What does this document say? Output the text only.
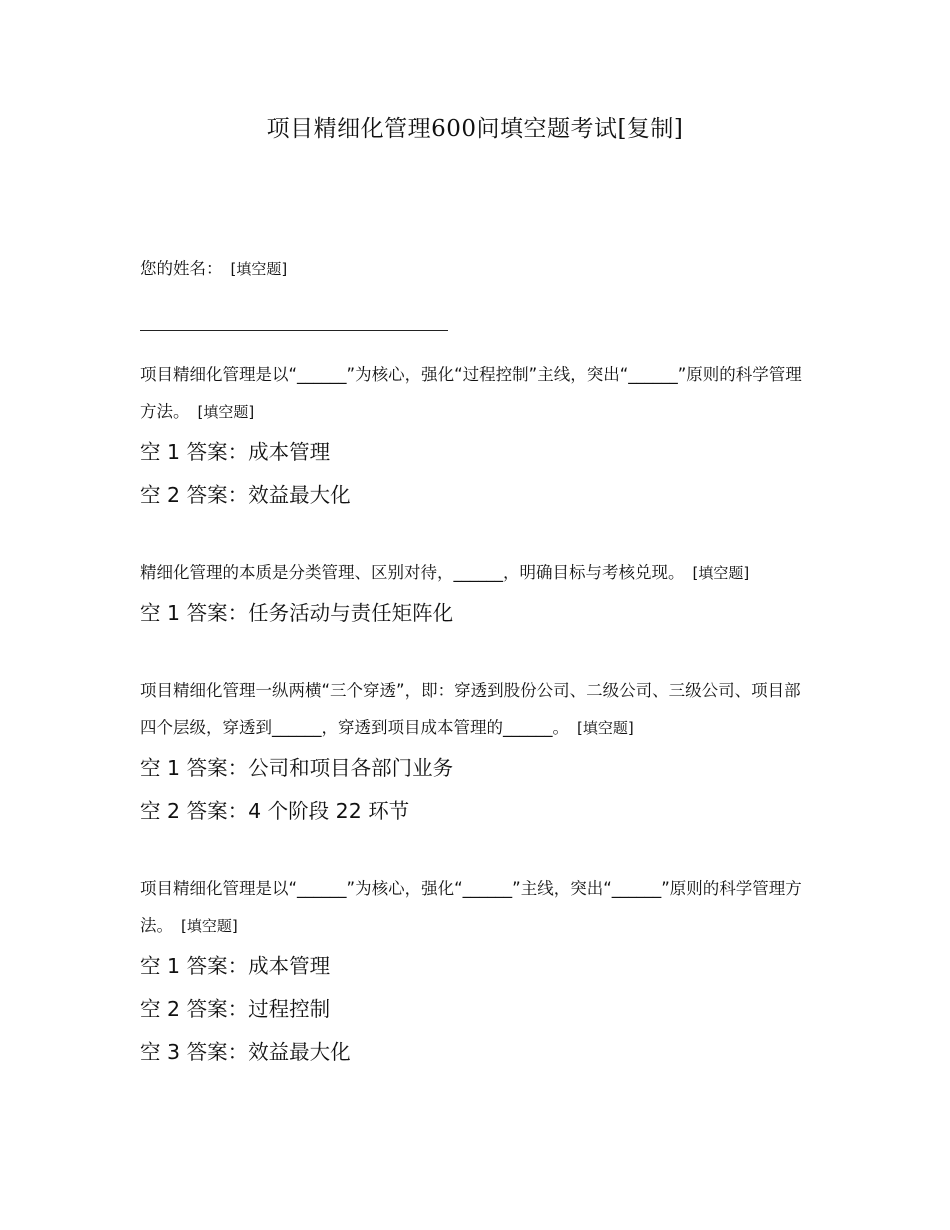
项目精细化管理600问填空题考试[复制]

您的姓名： [填空题]

项目精细化管理是以“______”为核心，强化“过程控制”主线，突出“______”原则的科学管理方法。 [填空题]

空 1 答案：成本管理

空 2 答案：效益最大化

精细化管理的本质是分类管理、区别对待，______，明确目标与考核兑现。 [填空题]

空 1 答案：任务活动与责任矩阵化

项目精细化管理一纵两横“三个穿透”，即：穿透到股份公司、二级公司、三级公司、项目部四个层级，穿透到______，穿透到项目成本管理的______。 [填空题]

空 1 答案：公司和项目各部门业务

空 2 答案：4 个阶段 22 环节

项目精细化管理是以“______”为核心，强化“______”主线，突出“______”原则的科学管理方法。 [填空题]

空 1 答案：成本管理

空 2 答案：过程控制

空 3 答案：效益最大化
